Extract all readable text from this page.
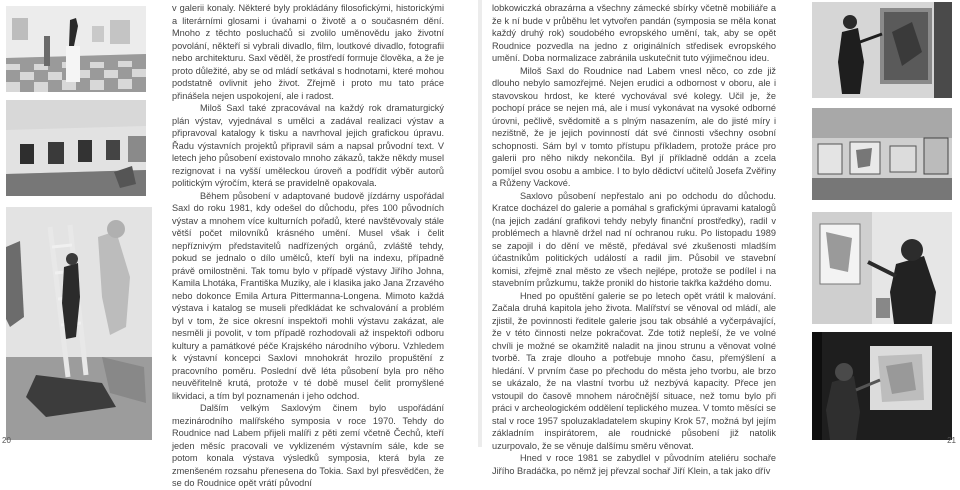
v galerii konaly. Některé byly prokládány filosofickými, historickými a literárními glosami i úvahami o životě a o současném dění. Mnoho z těchto posluchačů si zvolilo uměnovědu jako životní povolání, někteří si vybrali divadlo, film, loutkové divadlo, fotografii nebo architekturu. Saxl věděl, že prostředí formuje člověka, a že je proto důležité, aby se od mládí setkával s hodnotami, které mohou podstatně ovlivnit jeho život. Zřejmě i proto mu tato práce přinášela nejen uspokojení, ale i radost.

Miloš Saxl také zpracovával na každý rok dramaturgický plán výstav, vyjednával s umělci a zadával realizaci výstav a připravoval katalogy k tisku a navrhoval jejich grafickou úpravu. Řadu výstavních projektů připravil sám a napsal průvodní text. V letech jeho působení existovalo mnoho zákazů, takže někdy musel rezignovat i na vyšší uměleckou úroveň a podřídit výběr autorů politickým výročím, která se pravidelně opakovala.

Během působení v adaptované budově jízdárny uspořádal Saxl do roku 1981, kdy odešel do důchodu, přes 100 původních výstav a mnohem více kulturních pořadů, které navštěvovaly stále větší počet milovníků krásného umění. Musel však i čelit nepříznivým představitelů nadřízených orgánů, zvláště tehdy, pokud se jednalo o dílo umělců, kteří byli na indexu, případně právě omilostněni. Tak tomu bylo v případě výstavy Jiřího Johna, Kamila Lhotáka, Františka Muziky, ale i klasika jako Jana Zrzavého nebo dokonce Emila Artura Pittermanna-Longena. Mimoto každá výstava i katalog se museli předkládat ke schvalování a problém byl v tom, že sice okresní inspektoři mohli výstavu zakázat, ale nesměli ji povolit, v tom případě rozhodovali až inspektoři odboru kultury a památkové péče Krajského národního výboru. Vzhledem k výstavní koncepci Saxlovi mnohokrát hrozilo propuštění z pracovního poměru. Poslední dvě léta působení byla pro něho neuvěřitelně krutá, protože v té době musel čelit promyšlené likvidaci, a tím byl poznamenán i jeho odchod.

Dalším velkým Saxlovým činem bylo uspořádání mezinárodního malířského symposia v roce 1970. Tehdy do Roudnice nad Labem přijeli malíři z pěti zemí včetně Čechů, kteří jeden měsíc pracovali ve vyklizeném výstavním sále, kde se potom konala výstava výsledků symposia, která byla ze zmenšeném rozsahu přenesena do Tokia. Saxl byl přesvědčen, že se do Roudnice opět vrátí původní

20

lobkowiczká obrazárna a všechny zámecké sbírky včetně mobiliáře a že k ní bude v průběhu let vytvořen pandán (symposia se měla konat každý druhý rok) soudobého evropského umění, tak, aby se opět Roudnice pozvedla na jedno z originálních středisek evropského umění. Doba normalizace zabránila uskutečnit tuto výjimečnou ideu.

Miloš Saxl do Roudnice nad Labem vnesl něco, co zde již dlouho nebylo samozřejmé. Nejen erudici a odbornost v oboru, ale i stavovskou hrdost, ke které vychovával své kolegy. Učil je, že pochopí práce se nejen má, ale i musí vykonávat na vysoké odborné úrovni, pečlivě, svědomitě a s plným nasazením, ale do jisté míry i nezištně, že je jejich povinností dát své činnosti všechny osobní schopnosti. Sám byl v tomto přístupu příkladem, protože práce pro galerii pro něho nikdy nekončila. Byl jí příkladně oddán a zcela pomíjel svou osobu a ambice. I to bylo dědictví učitelů Josefa Zvěřiny a Růženy Vackové.

Saxlovo působení nepřestalo ani po odchodu do důchodu. Kratce docházel do galerie a pomáhal s grafickými úpravami katalogů (na jejich zadání grafikovi tehdy nebyly finanční prostředky), radil v problémech a hlavně držel nad ní ochranou ruku. Po listopadu 1989 se zapojil i do dění ve městě, předával své zkušenosti mladším účastníkům politických událostí a radil jim. Působil ve stavební komisi, zřejmě znal město ze všech nejlépe, protože se podílel i na stavebním průzkumu, takže pronikl do historie takřka každého domu.

Hned po opuštění galerie se po letech opět vrátil k malování. Začala druhá kapitola jeho života. Malířství se věnoval od mládí, ale zjistil, že povinnosti ředitele galerie jsou tak obsáhlé a vyčerpávající, že v této činnosti nelze pokračovat. Zde totiž nepleší, že ve volné chvíli je možné se okamžitě naladit na jinou strunu a věnovat volné tvorbě. Ta zraje dlouho a potřebuje mnoho času, přemýšlení a hledání. V prvním čase po přechodu do města jeho tvorbu, ale brzo se ukázalo, že na vlastní tvorbu už nezbývá kapacity. Přece jen vstoupil do časově mnohem náročnější situace, než tomu bylo při práci v archeologickém oddělení teplického muzea. V tomto měsíci se stal v roce 1957 spoluzakladatelem skupiny Krok 57, možná byl jejím základním inspirátorem, ale roudnické působení již natolik uzurpovalo, že se věnuje dalšímu směru věnovat.

Hned v roce 1981 se zabydlel v původním ateliéru sochaře Jiřího Bradáčka, po němž jej převzal sochař Jiří Klein, a tak jako dřív

21
